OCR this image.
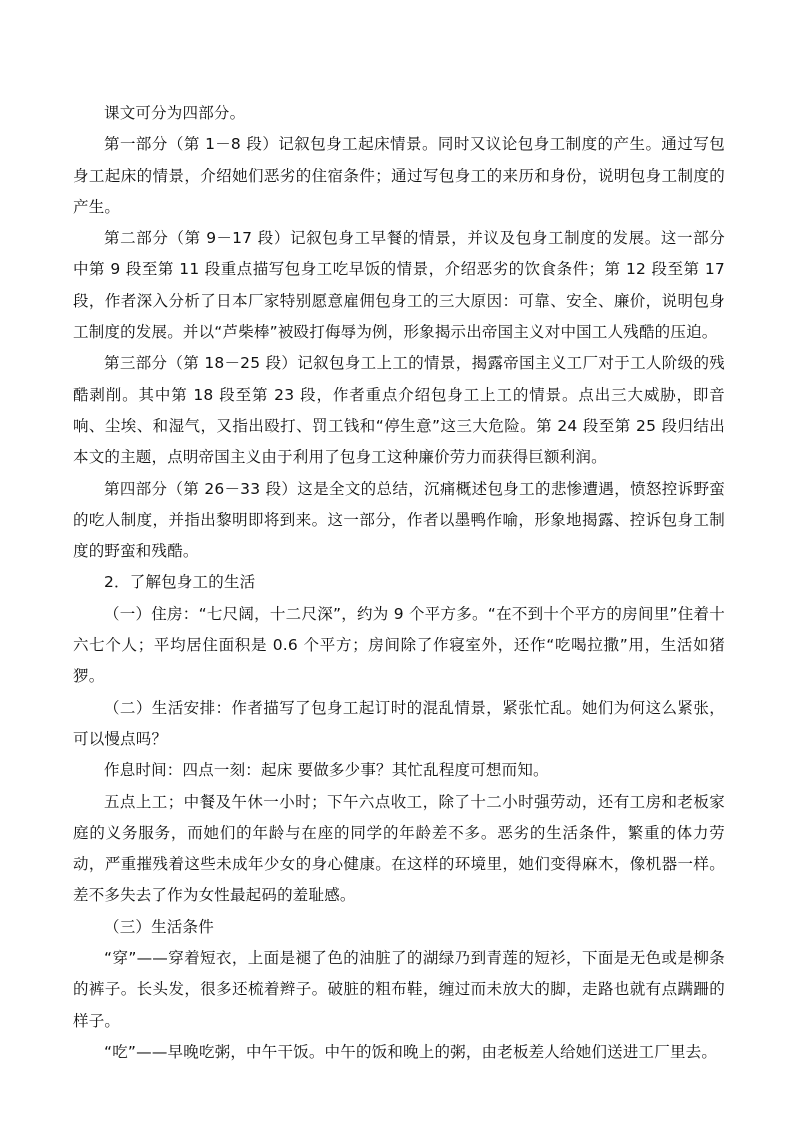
课文可分为四部分。

第一部分（第 1－8 段）记叙包身工起床情景。同时又议论包身工制度的产生。通过写包身工起床的情景，介绍她们恶劣的住宿条件；通过写包身工的来历和身份，说明包身工制度的产生。

第二部分（第 9－17 段）记叙包身工早餐的情景，并议及包身工制度的发展。这一部分中第 9 段至第 11 段重点描写包身工吃早饭的情景，介绍恶劣的饮食条件；第 12 段至第 17 段，作者深入分析了日本厂家特别愿意雇佣包身工的三大原因：可靠、安全、廉价，说明包身工制度的发展。并以“芦柴棒”被殴打侮辱为例，形象揭示出帝国主义对中国工人残酷的压迫。

第三部分（第 18－25 段）记叙包身工上工的情景，揭露帝国主义工厂对于工人阶级的残酷剥削。其中第 18 段至第 23 段，作者重点介绍包身工上工的情景。点出三大威胁，即音响、尘埃、和湿气，又指出殴打、罚工钱和“停生意”这三大危险。第 24 段至第 25 段归结出本文的主题，点明帝国主义由于利用了包身工这种廉价劳力而获得巨额利润。

第四部分（第 26－33 段）这是全文的总结，沉痛概述包身工的悲惨遭遇，愤怒控诉野蛮的吃人制度，并指出黎明即将到来。这一部分，作者以墨鸭作喻，形象地揭露、控诉包身工制度的野蛮和残酷。

2．了解包身工的生活

（一）住房：“七尺阔，十二尺深”，约为 9 个平方多。“在不到十个平方的房间里”住着十六七个人；平均居住面积是 0.6 个平方；房间除了作寝室外，还作“吃喝拉撒”用，生活如猪猡。

（二）生活安排：作者描写了包身工起订时的混乱情景，紧张忙乱。她们为何这么紧张，可以慢点吗？

作息时间：四点一刻：起床 要做多少事？其忙乱程度可想而知。

五点上工；中餐及午休一小时；下午六点收工，除了十二小时强劳动，还有工房和老板家庭的义务服务，而她们的年龄与在座的同学的年龄差不多。恶劣的生活条件，繁重的体力劳动，严重摧残着这些未成年少女的身心健康。在这样的环境里，她们变得麻木，像机器一样。差不多失去了作为女性最起码的羞耻感。

（三）生活条件

“穿”——穿着短衣，上面是褪了色的油脏了的湖绿乃到青莲的短衫，下面是无色或是柳条的裤子。长头发，很多还梳着辫子。破脏的粗布鞋，缠过而未放大的脚，走路也就有点蹒跚的样子。

“吃”——早晚吃粥，中午干饭。中午的饭和晚上的粥，由老板差人给她们送进工厂里去。
